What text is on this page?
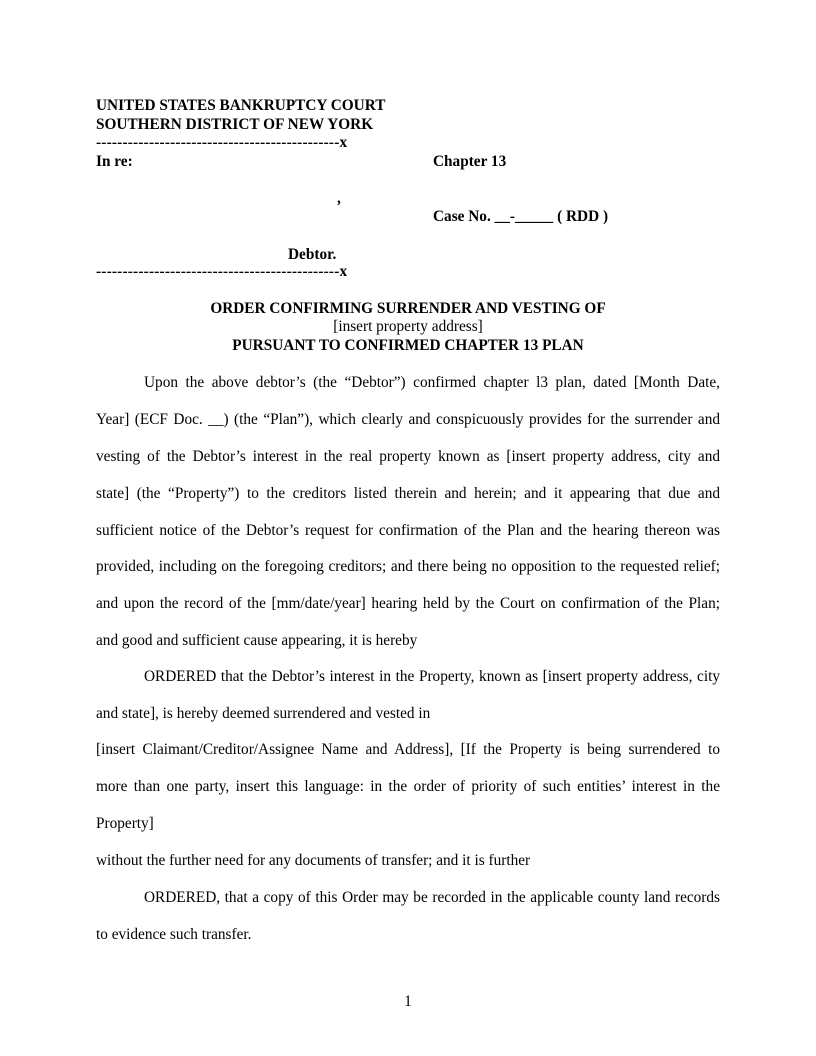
UNITED STATES BANKRUPTCY COURT
SOUTHERN DISTRICT OF NEW YORK
----------------------------------------------x
In re:	Chapter 13
,
Case No. __-_____ ( RDD )
Debtor.
----------------------------------------------x
ORDER CONFIRMING SURRENDER AND VESTING OF
[insert property address]
PURSUANT TO CONFIRMED CHAPTER 13 PLAN
Upon the above debtor’s (the “Debtor”) confirmed chapter l3 plan, dated [Month Date,
Year] (ECF Doc. __) (the “Plan”), which clearly and conspicuously provides for the surrender and
vesting of the Debtor’s interest in the real property known as [insert property address, city and
state] (the “Property”) to the creditors listed therein and herein; and it appearing that due and
sufficient notice of the Debtor’s request for confirmation of the Plan and the hearing thereon was
provided, including on the foregoing creditors; and there being no opposition to the requested relief;
and upon the record of the [mm/date/year] hearing held by the Court on confirmation of the Plan;
and good and sufficient cause appearing, it is hereby
ORDERED that the Debtor’s interest in the Property, known as [insert property address, city
and state], is hereby deemed surrendered and vested in
[insert Claimant/Creditor/Assignee Name and Address], [If the Property is being surrendered to
more than one party, insert this language: in the order of priority of such entities’ interest in the
Property]
without the further need for any documents of transfer; and it is further
ORDERED, that a copy of this Order may be recorded in the applicable county land records
to evidence such transfer.
1
